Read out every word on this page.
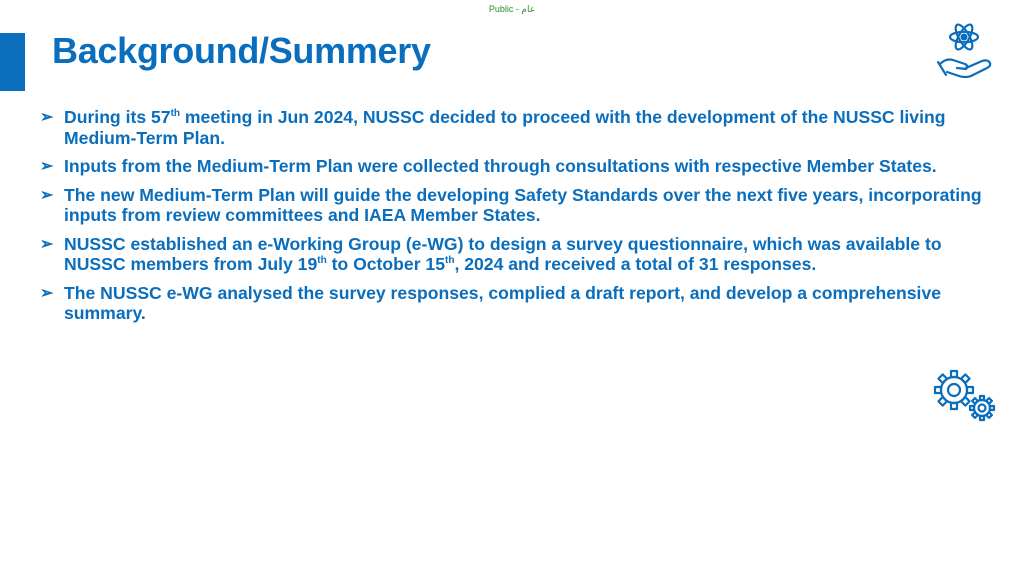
Public - عام
Background/Summery
➢ During its 57th meeting in Jun 2024, NUSSC decided to proceed with the development of the NUSSC living Medium-Term Plan.
➢ Inputs from the Medium-Term Plan were collected through consultations with respective Member States.
➢ The new Medium-Term Plan will guide the developing Safety Standards over the next five years, incorporating inputs from review committees and IAEA Member States.
➢ NUSSC established an e-Working Group (e-WG) to design a survey questionnaire, which was available to NUSSC members from July 19th to October 15th, 2024 and received a total of 31 responses.
➢ The NUSSC e-WG analysed the survey responses, complied a draft report, and develop a comprehensive summary.
